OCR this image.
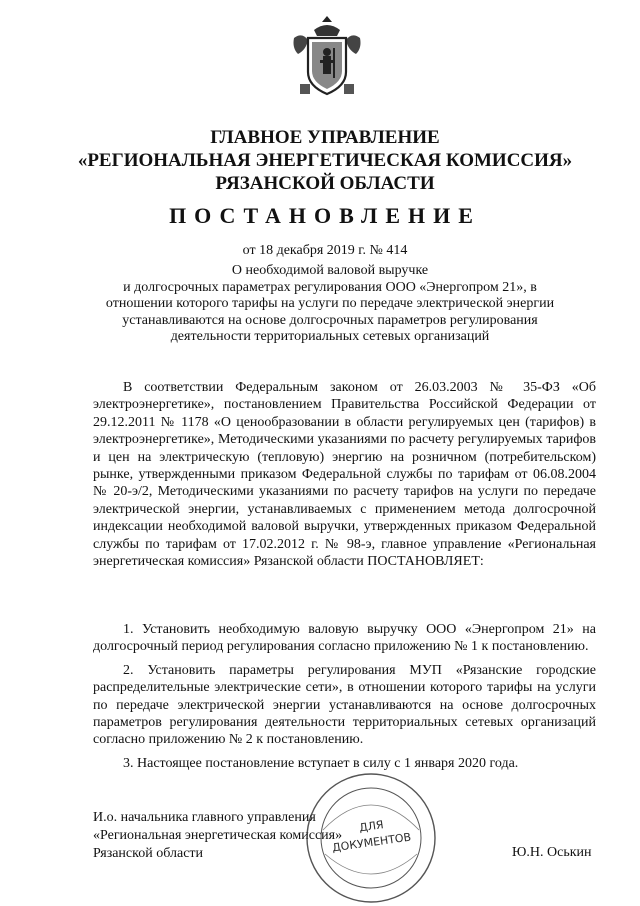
ГЛАВНОЕ УПРАВЛЕНИЕ
«РЕГИОНАЛЬНАЯ ЭНЕРГЕТИЧЕСКАЯ КОМИССИЯ»
РЯЗАНСКОЙ ОБЛАСТИ
ПОСТАНОВЛЕНИЕ
от 18 декабря 2019 г. № 414
О необходимой валовой выручке
и долгосрочных параметрах регулирования ООО «Энергопром 21», в
отношении которого тарифы на услуги по передаче электрической энергии
устанавливаются на основе долгосрочных параметров регулирования
деятельности территориальных сетевых организаций

В соответствии Федеральным законом от 26.03.2003 № 35-ФЗ «Об электроэнергетике», постановлением Правительства Российской Федерации от 29.12.2011 № 1178 «О ценообразовании в области регулируемых цен (тарифов) в электроэнергетике», Методическими указаниями по расчету регулируемых тарифов и цен на электрическую (тепловую) энергию на розничном (потребительском) рынке, утвержденными приказом Федеральной службы по тарифам от 06.08.2004 № 20-э/2, Методическими указаниями по расчету тарифов на услуги по передаче электрической энергии, устанавливаемых с применением метода долгосрочной индексации необходимой валовой выручки, утвержденных приказом Федеральной службы по тарифам от 17.02.2012 г. № 98-э, главное управление «Региональная энергетическая комиссия» Рязанской области ПОСТАНОВЛЯЕТ:

1. Установить необходимую валовую выручку ООО «Энергопром 21» на долгосрочный период регулирования согласно приложению № 1 к постановлению.

2. Установить параметры регулирования МУП «Рязанские городские распределительные электрические сети», в отношении которого тарифы на услуги по передаче электрической энергии устанавливаются на основе долгосрочных параметров регулирования деятельности территориальных сетевых организаций согласно приложению № 2 к постановлению.

3. Настоящее постановление вступает в силу с 1 января 2020 года.

И.о. начальника главного управления
«Региональная энергетическая комиссия»
Рязанской области	Ю.Н. Оськин
ДЛЯ
ДОКУМЕНТОВ
